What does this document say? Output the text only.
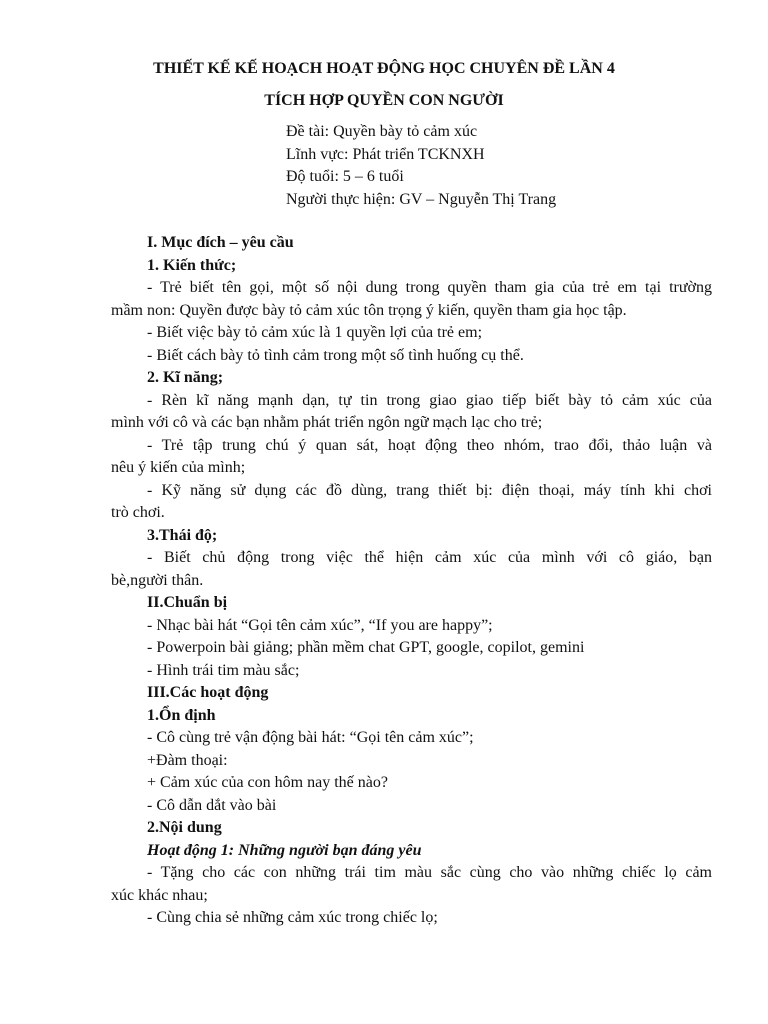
THIẾT KẾ KẾ HOẠCH HOẠT ĐỘNG HỌC CHUYÊN ĐỀ LẦN 4
TÍCH HỢP QUYỀN CON NGƯỜI
Đề tài: Quyền bày tỏ cảm xúc
Lĩnh vực: Phát triển TCKNXH
Độ tuổi: 5 – 6 tuổi
Người thực hiện: GV – Nguyễn Thị Trang
I. Mục đích – yêu cầu
1. Kiến thức;
- Trẻ biết tên gọi, một số nội dung trong quyền tham gia của trẻ em tại trường
mầm non: Quyền được bày tỏ cảm xúc tôn trọng ý kiến, quyền tham gia học tập.
- Biết việc bày tỏ cảm xúc là 1 quyền lợi của trẻ em;
- Biết cách bày tỏ tình cảm trong một số tình huống cụ thể.
2. Kĩ năng;
- Rèn kĩ năng mạnh dạn, tự tin trong giao giao tiếp biết bày tỏ cảm xúc của
mình với cô và các bạn nhằm phát triển ngôn ngữ mạch lạc cho trẻ;
- Trẻ tập trung chú ý quan sát, hoạt động theo nhóm, trao đổi, thảo luận và
nêu ý kiến của mình;
- Kỹ năng sử dụng các đồ dùng, trang thiết bị: điện thoại, máy tính khi chơi
trò chơi.
3.Thái độ;
- Biết chủ động trong việc thể hiện cảm xúc của mình với cô giáo, bạn
bè,người thân.
II.Chuẩn bị
- Nhạc bài hát “Gọi tên cảm xúc”, “If you are happy”;
- Powerpoin bài giảng; phần mềm chat GPT, google, copilot, gemini
- Hình trái tim màu sắc;
III.Các hoạt động
1.Ổn định
- Cô cùng trẻ vận động bài hát: “Gọi tên cảm xúc”;
+Đàm thoại:
+ Cảm xúc của con hôm nay thế nào?
- Cô dẫn dắt vào bài
2.Nội dung
Hoạt động 1: Những người bạn đáng yêu
- Tặng cho các con những trái tim màu sắc cùng cho vào những chiếc lọ cảm
xúc khác nhau;
- Cùng chia sẻ những cảm xúc trong chiếc lọ;
